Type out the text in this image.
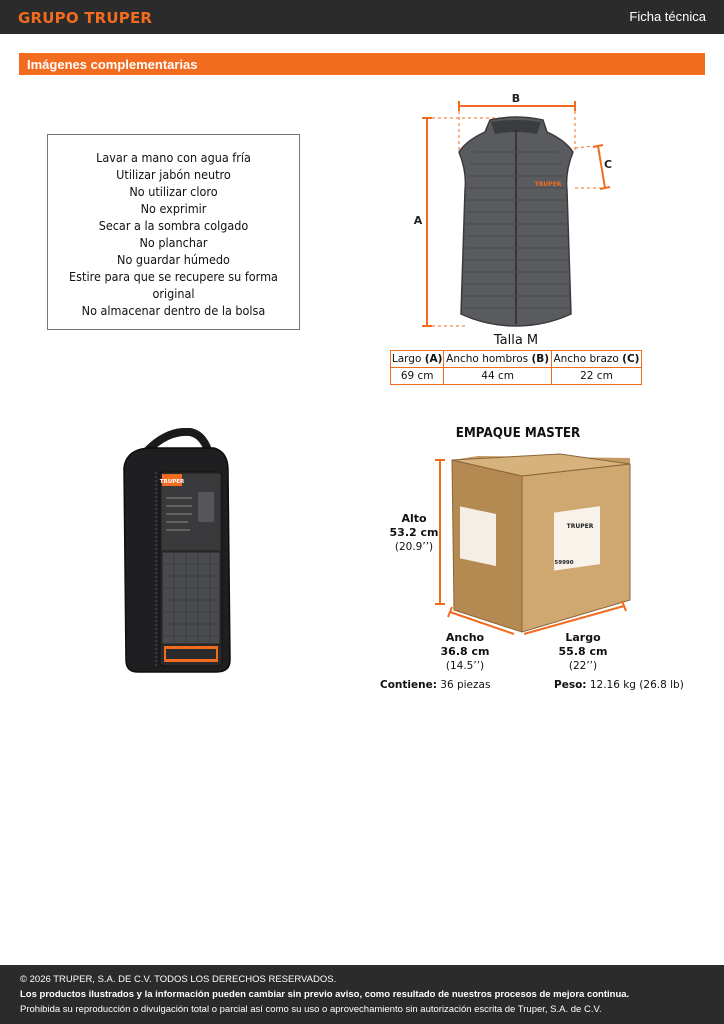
GRUPO TRUPER	Ficha técnica
Imágenes complementarias
Lavar a mano con agua fría
Utilizar jabón neutro
No utilizar cloro
No exprimir
Secar a la sombra colgado
No planchar
No guardar húmedo
Estire para que se recupere su forma
original
No almacenar dentro de la bolsa
B
A
C
TRUPER
Talla M
Largo (A)	Ancho hombros (B)	Ancho brazo (C)
69 cm	44 cm	22 cm
TRUPER
EMPAQUE MASTER
TRUPER
59990
Alto
53.2 cm
(20.9’’)
Ancho
36.8 cm
(14.5’’)
Largo
55.8 cm
(22’’)
Contiene: 36 piezas	Peso: 12.16 kg (26.8 lb)

© 2026 TRUPER, S.A. DE C.V. TODOS LOS DERECHOS RESERVADOS.

Los productos ilustrados y la información pueden cambiar sin previo aviso, como resultado de nuestros procesos de mejora continua.

Prohibida su reproducción o divulgación total o parcial así como su uso o aprovechamiento sin autorización escrita de Truper, S.A. de C.V.
